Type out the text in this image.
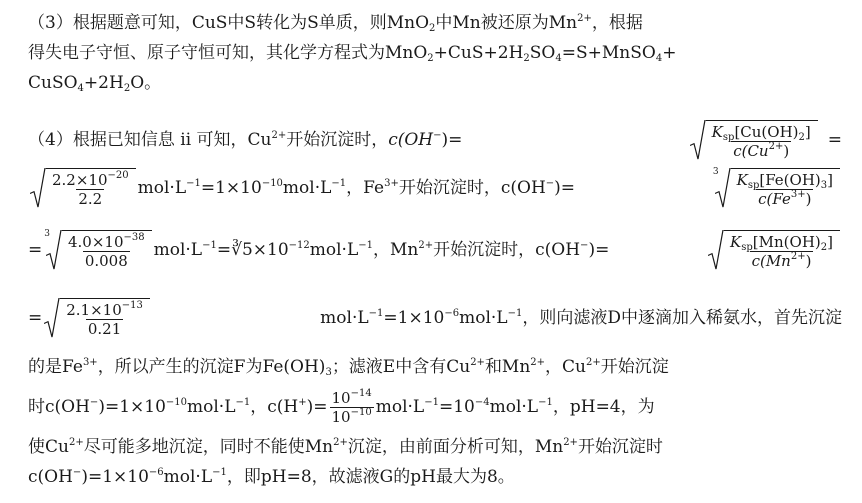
（3）根据题意可知，CuS中S转化为S单质，则MnO$_2$中Mn被还原为$Mn^{2+}$，根据
得失电子守恒、原子守恒可知，其化学方程式为$MnO_2+CuS+2H_2SO_4=S+MnSO_4+$
$CuSO_4+2H_2O$。
（4）根据已知信息 ⅱ 可知，$Cu^{2+}$开始沉淀时，c(OH−)=	$\frac{K_{sp}[Cu(OH)_2]}{c(Cu^{2+})}$ =
$\frac{2.2\times 10^{-20}}{2.2} mol\cdot L^{-1}=1\times 10^{-10}mol\cdot L^{-1}$，$Fe^{3+}$开始沉淀时，c(OH−)=
$3 \frac{K_{sp}[Fe(OH)_3]}{c(Fe^{3+})}$
=
$3 \frac{4.0\times 10^{-38}}{0.008}$ $mol\cdot L^{-1}=∛5\times 10^{-12}mol\cdot L^{-1}$，$Mn^{2+}$开始沉淀时，c(OH−)=	$\frac{K_{sp}[Mn(OH)_2]}{c(Mn^{2+})}$
= $\frac{2.1\times 10^{-13}}{0.21}$	$mol\cdot L^{-1}=1\times 10^{-6}mol\cdot L^{-1}$，则向滤液D中逐滴加入稀氨水，首先沉淀
的是$Fe^{3+}$，所以产生的沉淀F为$Fe(OH)_3$；滤液E中含有$Cu^{2+}$和$Mn^{2+}$，$Cu^{2+}$开始沉淀
时$c(OH^-)=1\times 10^{-10}mol\cdot L^{-1}$，$c(H^+)= \frac{10^{-14}}{10^{-10}} mol\cdot L^{-1}=10^{-4}mol\cdot L^{-1}$，pH=4，为
使$Cu^{2+}$尽可能多地沉淀，同时不能使$Mn^{2+}$沉淀，由前面分析可知，$Mn^{2+}$开始沉淀时
$c(OH^-)=1\times 10^{-6}mol\cdot L^{-1}$，即pH=8，故滤液G的pH最大为8。
